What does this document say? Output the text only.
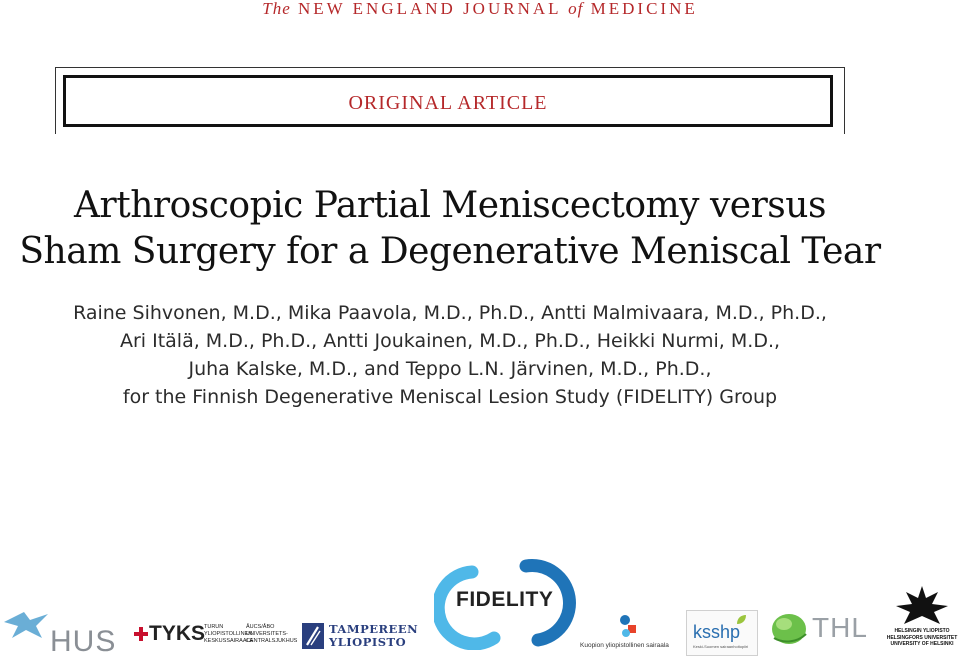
The NEW ENGLAND JOURNAL of MEDICINE
ORIGINAL ARTICLE
Arthroscopic Partial Meniscectomy versus
Sham Surgery for a Degenerative Meniscal Tear
Raine Sihvonen, M.D., Mika Paavola, M.D., Ph.D., Antti Malmivaara, M.D., Ph.D.,
Ari Itälä, M.D., Ph.D., Antti Joukainen, M.D., Ph.D., Heikki Nurmi, M.D.,
Juha Kalske, M.D., and Teppo L.N. Järvinen, M.D., Ph.D.,
for the Finnish Degenerative Meniscal Lesion Study (FIDELITY) Group
HUS TYKS
TURUN
YLIOPISTOLLINEN
KESKUSSAIRAALA
ÅUCS/ÅBO
UNIVERSITETS-
CENTRALSJUKHUS
TAMPEREEN
YLIOPISTO
FIDELITY
Kuopion yliopistollinen sairaala
ksshp
Keski-Suomen sairaanhoitopiiri
THL	HELSINGIN YLIOPISTO
HELSINGFORS UNIVERSITET
UNIVERSITY OF HELSINKI
